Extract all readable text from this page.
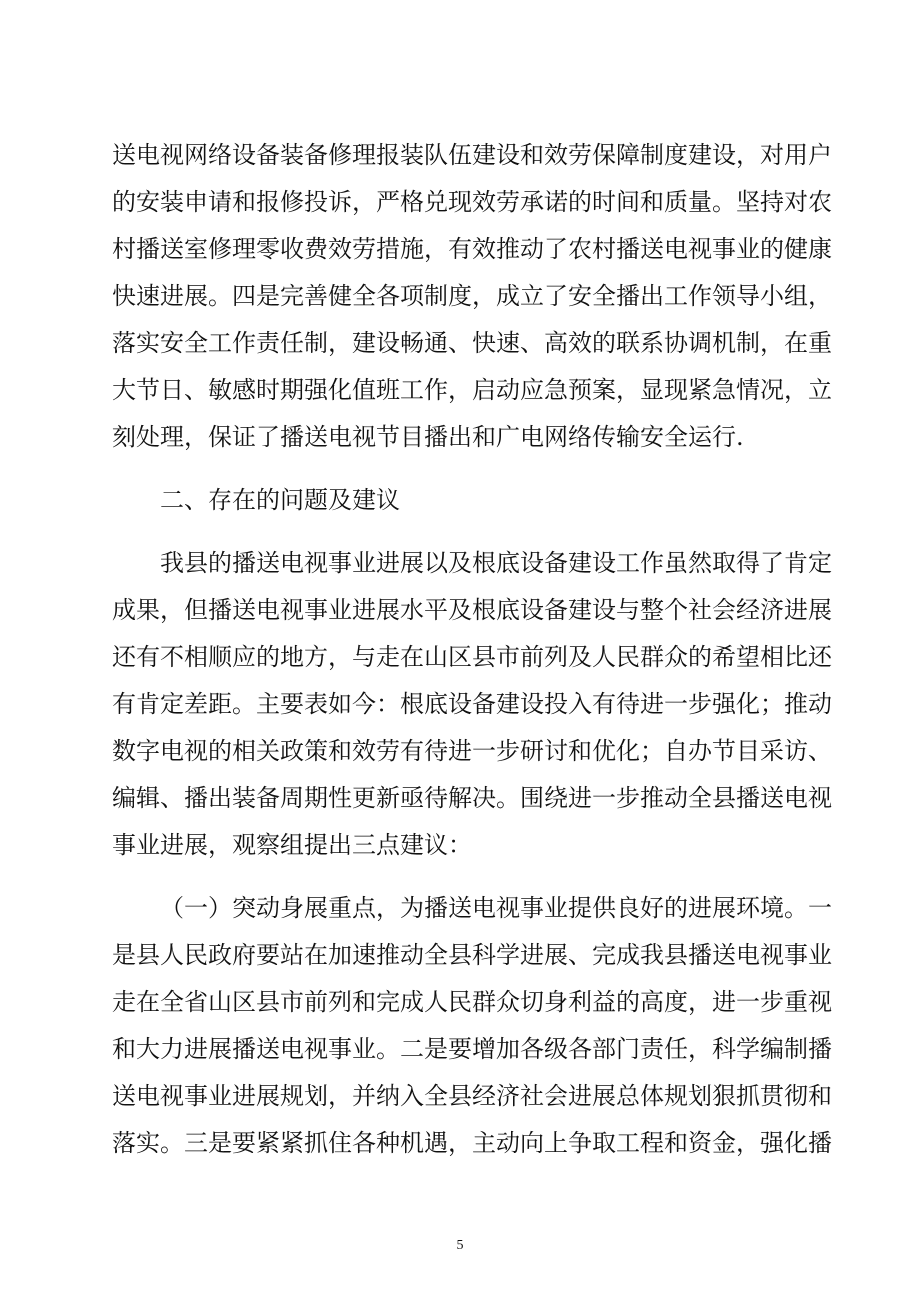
送电视网络设备装备修理报装队伍建设和效劳保障制度建设，对用户

的安装申请和报修投诉，严格兑现效劳承诺的时间和质量。坚持对农

村播送室修理零收费效劳措施，有效推动了农村播送电视事业的健康

快速进展。四是完善健全各项制度，成立了安全播出工作领导小组，

落实安全工作责任制，建设畅通、快速、高效的联系协调机制，在重

大节日、敏感时期强化值班工作，启动应急预案，显现紧急情况，立

刻处理，保证了播送电视节目播出和广电网络传输安全运行.

二、存在的问题及建议

我县的播送电视事业进展以及根底设备建设工作虽然取得了肯定

成果，但播送电视事业进展水平及根底设备建设与整个社会经济进展

还有不相顺应的地方，与走在山区县市前列及人民群众的希望相比还

有肯定差距。主要表如今：根底设备建设投入有待进一步强化；推动

数字电视的相关政策和效劳有待进一步研讨和优化；自办节目采访、

编辑、播出装备周期性更新亟待解决。围绕进一步推动全县播送电视

事业进展，观察组提出三点建议：

（一）突动身展重点，为播送电视事业提供良好的进展环境。一

是县人民政府要站在加速推动全县科学进展、完成我县播送电视事业

走在全省山区县市前列和完成人民群众切身利益的高度，进一步重视

和大力进展播送电视事业。二是要增加各级各部门责任，科学编制播

送电视事业进展规划，并纳入全县经济社会进展总体规划狠抓贯彻和

落实。三是要紧紧抓住各种机遇，主动向上争取工程和资金，强化播

5
